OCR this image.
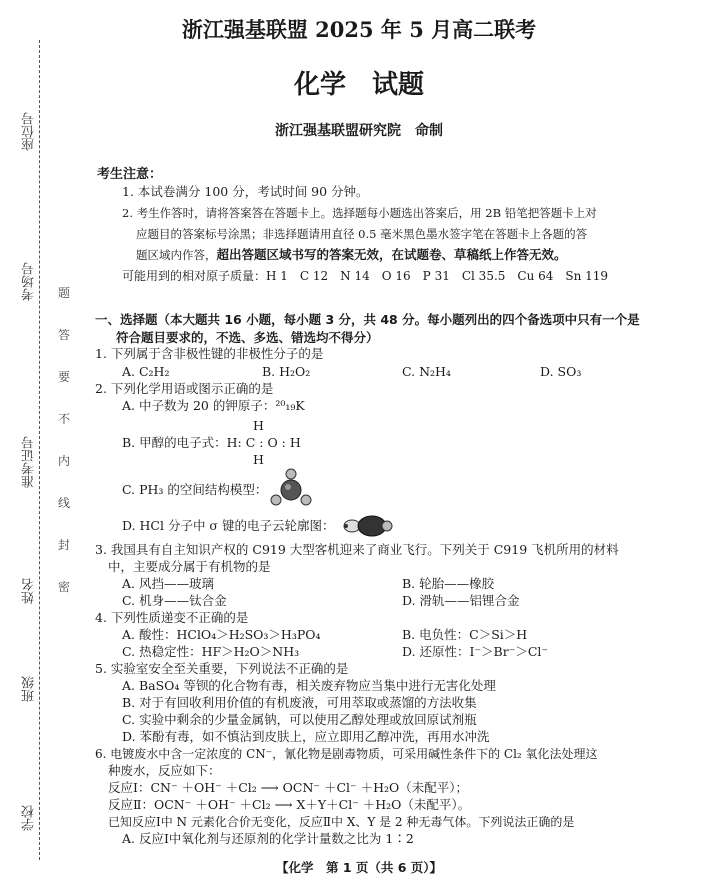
座位号
考场号
准考证号
姓名
班级
学校
题
答
要
不
内
线
封
密
浙江强基联盟 2025 年 5 月高二联考
化学　试题
浙江强基联盟研究院　命制
考生注意：
1. 本试卷满分 100 分，考试时间 90 分钟。
2. 考生作答时，请将答案答在答题卡上。选择题每小题选出答案后，用 2B 铅笔把答题卡上对
应题目的答案标号涂黑；非选择题请用直径 0.5 毫米黑色墨水签字笔在答题卡上各题的答
题区域内作答，超出答题区域书写的答案无效，在试题卷、草稿纸上作答无效。
可能用到的相对原子质量：H 1　C 12　N 14　O 16　P 31　Cl 35.5　Cu 64　Sn 119
一、选择题（本大题共 16 小题，每小题 3 分，共 48 分。每小题列出的四个备选项中只有一个是
符合题目要求的，不选、多选、错选均不得分）
1. 下列属于含非极性键的非极性分子的是
A. C₂H₂	B. H₂O₂	C. N₂H₄	D. SO₃
2. 下列化学用语或图示正确的是
A. 中子数为 20 的钾原子：²⁰₁₉K
H
B. 甲醇的电子式：H: C : O : H
H
C. PH₃ 的空间结构模型：
D. HCl 分子中 σ 键的电子云轮廓图：
3. 我国具有自主知识产权的 C919 大型客机迎来了商业飞行。下列关于 C919 飞机所用的材料
中，主要成分属于有机物的是
A. 风挡——玻璃	B. 轮胎——橡胶
C. 机身——钛合金	D. 滑轨——铝锂合金
4. 下列性质递变不正确的是
A. 酸性：HClO₄＞H₂SO₃＞H₃PO₄	B. 电负性：C＞Si＞H
C. 热稳定性：HF＞H₂O＞NH₃	D. 还原性：I⁻＞Br⁻＞Cl⁻
5. 实验室安全至关重要，下列说法不正确的是
A. BaSO₄ 等钡的化合物有毒，相关废弃物应当集中进行无害化处理
B. 对于有回收利用价值的有机废液，可用萃取或蒸馏的方法收集
C. 实验中剩余的少量金属钠，可以使用乙醇处理或放回原试剂瓶
D. 苯酚有毒，如不慎沾到皮肤上，应立即用乙醇冲洗，再用水冲洗
6. 电镀废水中含一定浓度的 CN⁻，氰化物是剧毒物质，可采用碱性条件下的 Cl₂ 氧化法处理这
种废水，反应如下：
反应Ⅰ：CN⁻ ＋OH⁻ ＋Cl₂ ⟶ OCN⁻ ＋Cl⁻ ＋H₂O（未配平）；
反应Ⅱ：OCN⁻ ＋OH⁻ ＋Cl₂ ⟶ X＋Y＋Cl⁻ ＋H₂O（未配平）。
已知反应Ⅰ中 N 元素化合价无变化，反应Ⅱ中 X、Y 是 2 种无毒气体。下列说法正确的是
A. 反应Ⅰ中氧化剂与还原剂的化学计量数之比为 1∶2
【化学　第 1 页（共 6 页）】
